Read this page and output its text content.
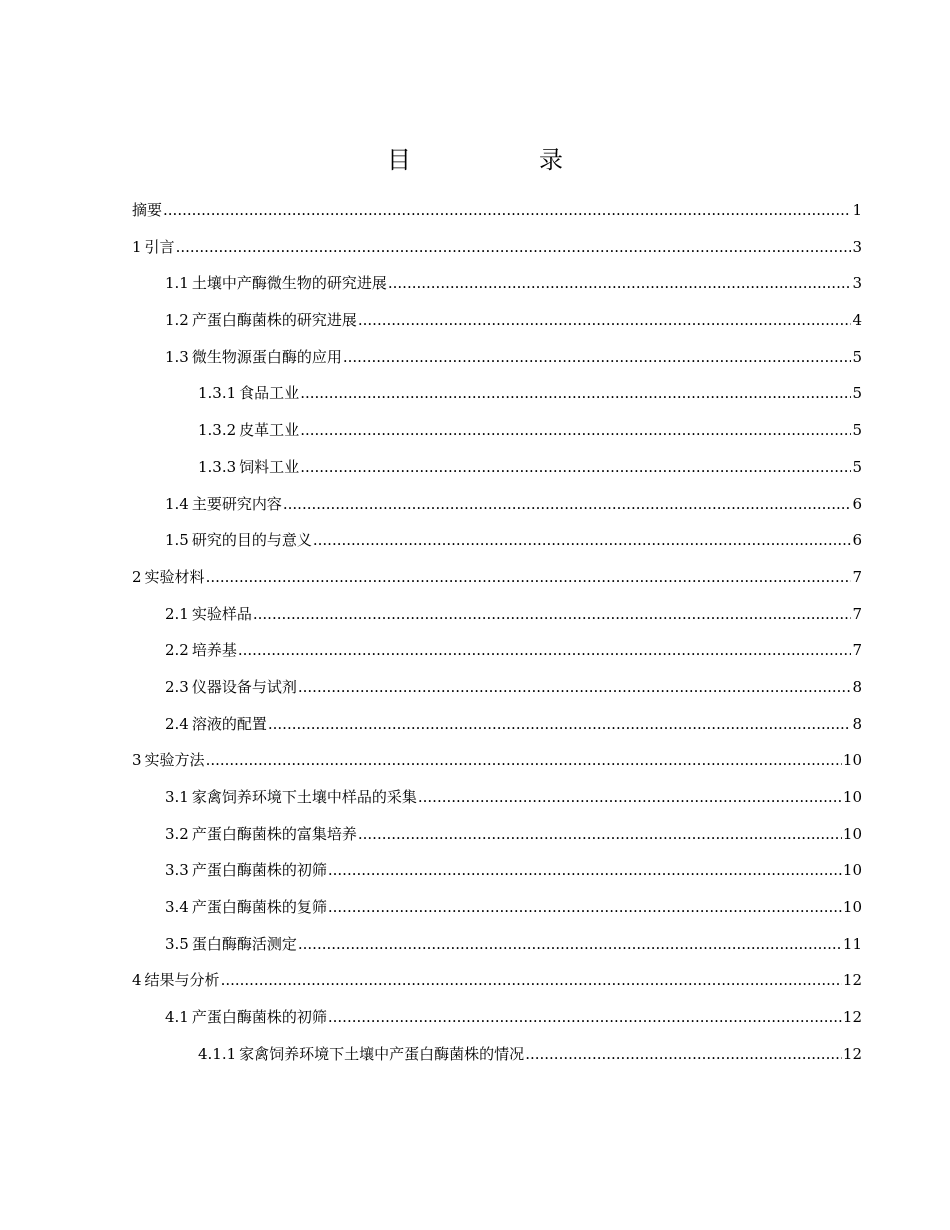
目　录
摘要 .....	1
1 引言 .....	3
1.1 土壤中产酶微生物的研究进展 .....	3
1.2 产蛋白酶菌株的研究进展 .....	4
1.3 微生物源蛋白酶的应用 .....	5
1.3.1 食品工业 .....	5
1.3.2 皮革工业 .....	5
1.3.3 饲料工业 .....	5
1.4 主要研究内容 .....	6
1.5 研究的目的与意义 .....	6
2 实验材料 .....	7
2.1 实验样品 .....	7
2.2 培养基 .....	7
2.3 仪器设备与试剂 .....	8
2.4 溶液的配置 .....	8
3 实验方法 .....	10
3.1 家禽饲养环境下土壤中样品的采集 .....	10
3.2 产蛋白酶菌株的富集培养 .....	10
3.3 产蛋白酶菌株的初筛 .....	10
3.4 产蛋白酶菌株的复筛 .....	10
3.5 蛋白酶酶活测定 .....	11
4 结果与分析 .....	12
4.1 产蛋白酶菌株的初筛 .....	12
4.1.1 家禽饲养环境下土壤中产蛋白酶菌株的情况 .....	12
